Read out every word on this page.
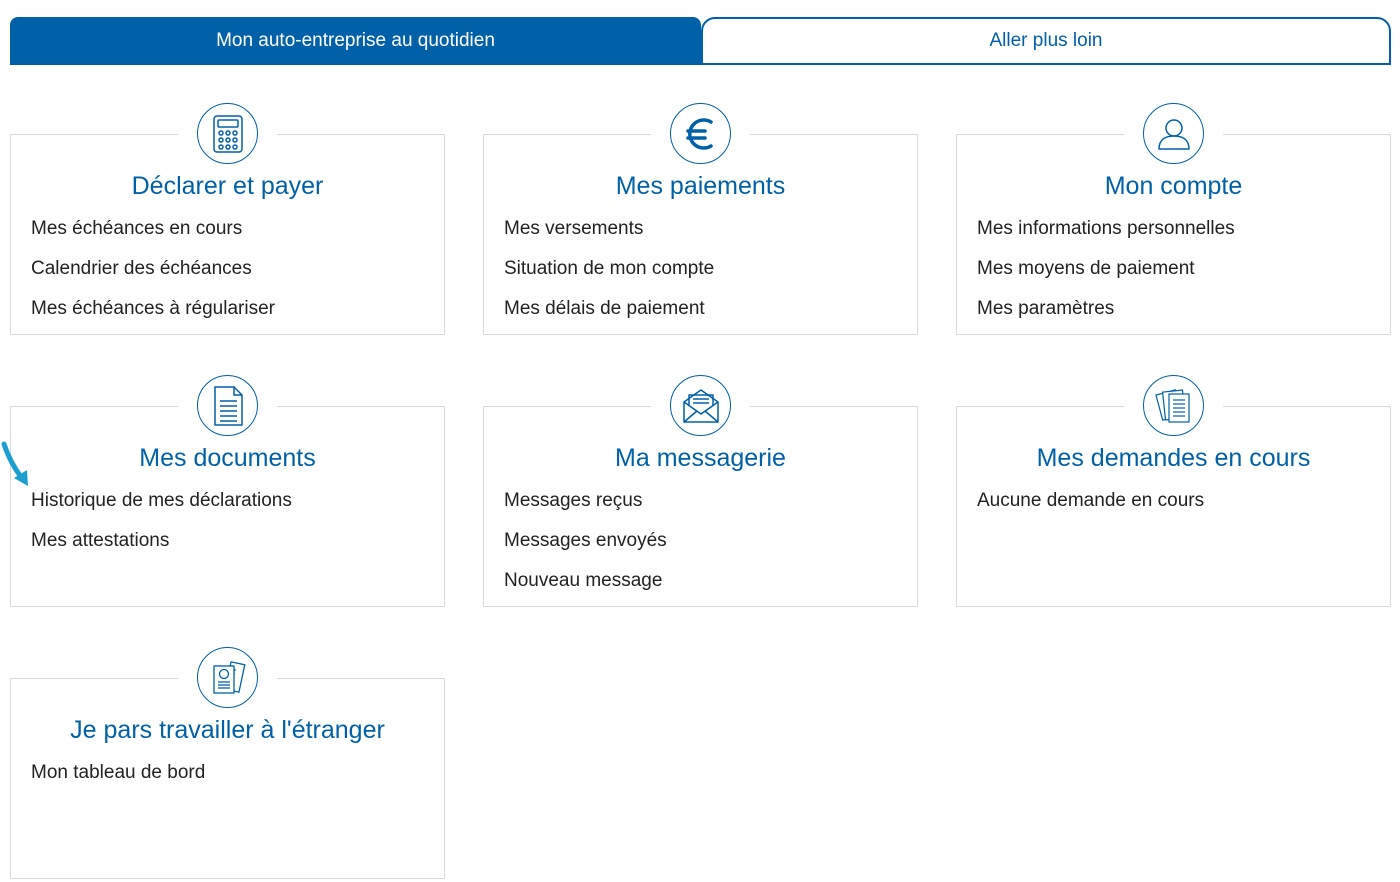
Mon auto-entreprise au quotidien	Aller plus loin
Déclarer et payer
Mes échéances en cours
Calendrier des échéances
Mes échéances à régulariser
Mes paiements
Mes versements
Situation de mon compte
Mes délais de paiement
Mon compte
Mes informations personnelles
Mes moyens de paiement
Mes paramètres
Mes documents
Historique de mes déclarations
Mes attestations
Ma messagerie
Messages reçus
Messages envoyés
Nouveau message
Mes demandes en cours
Aucune demande en cours
Je pars travailler à l'étranger
Mon tableau de bord
